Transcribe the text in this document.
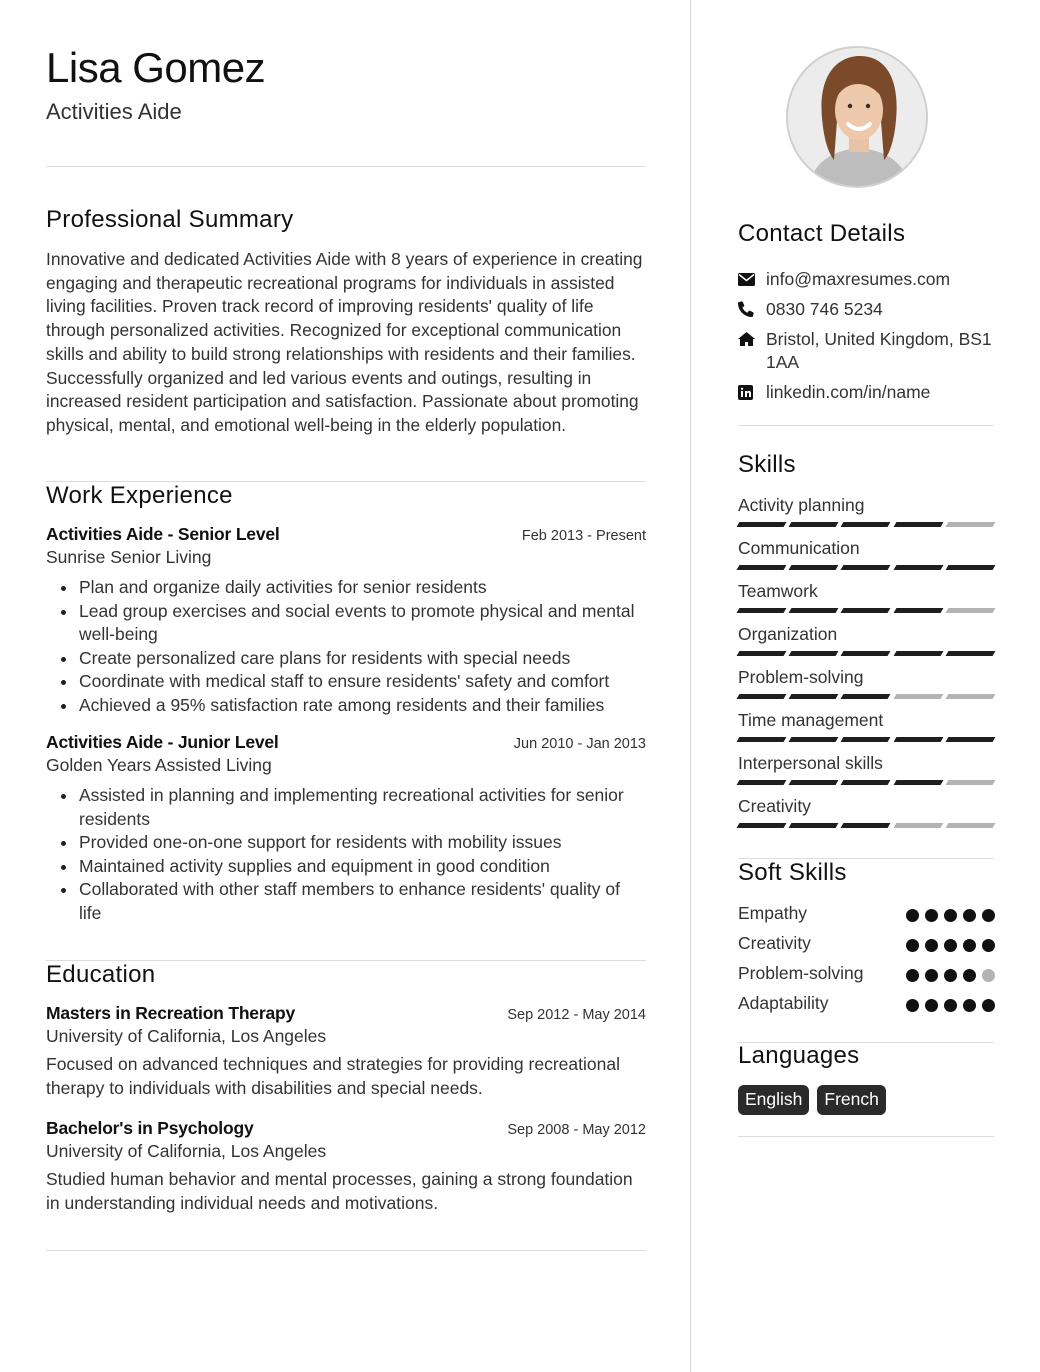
Lisa Gomez
Activities Aide
Professional Summary

Innovative and dedicated Activities Aide with 8 years of experience in creating engaging and therapeutic recreational programs for individuals in assisted living facilities. Proven track record of improving residents' quality of life through personalized activities. Recognized for exceptional communication skills and ability to build strong relationships with residents and their families. Successfully organized and led various events and outings, resulting in increased resident participation and satisfaction. Passionate about promoting physical, mental, and emotional well-being in the elderly population.

Work Experience
Activities Aide - Senior Level	Feb 2013 - Present
Sunrise Senior Living
Plan and organize daily activities for senior residents
Lead group exercises and social events to promote physical and mental well-being
Create personalized care plans for residents with special needs
Coordinate with medical staff to ensure residents' safety and comfort
Achieved a 95% satisfaction rate among residents and their families
Activities Aide - Junior Level	Jun 2010 - Jan 2013
Golden Years Assisted Living
Assisted in planning and implementing recreational activities for senior residents
Provided one-on-one support for residents with mobility issues
Maintained activity supplies and equipment in good condition
Collaborated with other staff members to enhance residents' quality of life
Education
Masters in Recreation Therapy	Sep 2012 - May 2014
University of California, Los Angeles

Focused on advanced techniques and strategies for providing recreational therapy to individuals with disabilities and special needs.

Bachelor's in Psychology	Sep 2008 - May 2012
University of California, Los Angeles

Studied human behavior and mental processes, gaining a strong foundation in understanding individual needs and motivations.

Contact Details
info@maxresumes.com
0830 746 5234
Bristol, United Kingdom, BS1 1AA
linkedin.com/in/name
Skills
Activity planning
Communication
Teamwork
Organization
Problem-solving
Time management
Interpersonal skills
Creativity
Soft Skills
Empathy
Creativity
Problem-solving
Adaptability
Languages
English	French
